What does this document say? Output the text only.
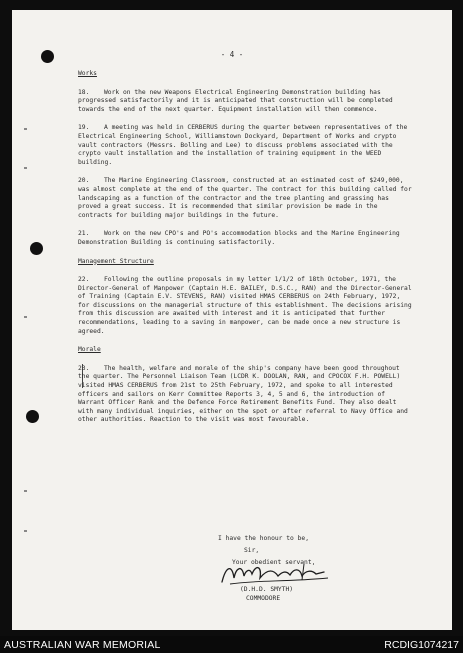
- 4 -
Works

18. Work on the new Weapons Electrical Engineering Demonstration building has progressed satisfactorily and it is anticipated that construction will be completed towards the end of the next quarter. Equipment installation will then commence.

19. A meeting was held in CERBERUS during the quarter between representatives of the Electrical Engineering School, Williamstown Dockyard, Department of Works and crypto vault contractors (Messrs. Bolling and Lee) to discuss problems associated with the crypto vault installation and the installation of training equipment in the WEED building.

20. The Marine Engineering Classroom, constructed at an estimated cost of $249,000, was almost complete at the end of the quarter. The contract for this building called for landscaping as a function of the contractor and the tree planting and grassing has proved a great success. It is recommended that similar provision be made in the contracts for building major buildings in the future.

21. Work on the new CPO's and PO's accommodation blocks and the Marine Engineering Demonstration Building is continuing satisfactorily.

Management Structure

22. Following the outline proposals in my letter 1/1/2 of 18th October, 1971, the Director-General of Manpower (Captain H.E. BAILEY, D.S.C., RAN) and the Director-General of Training (Captain E.V. STEVENS, RAN) visited HMAS CERBERUS on 24th February, 1972, for discussions on the managerial structure of this establishment. The decisions arising from this discussion are awaited with interest and it is anticipated that further recommendations, leading to a saving in manpower, can be made once a new structure is agreed.

Morale

23. The health, welfare and morale of the ship's company have been good throughout the quarter. The Personnel Liaison Team (LCDR K. DOOLAN, RAN, and CPOCOX F.H. POWELL) visited HMAS CERBERUS from 21st to 25th February, 1972, and spoke to all interested officers and sailors on Kerr Committee Reports 3, 4, 5 and 6, the introduction of Warrant Officer Rank and the Defence Force Retirement Benefits Fund. They also dealt with many individual inquiries, either on the spot or after referral to Navy Office and other authorities. Reaction to the visit was most favourable.

I have the honour to be,
Sir,
Your obedient servant,
(D.H.D. SMYTH)
COMMODORE
AUSTRALIAN WAR MEMORIAL	RCDIG1074217
